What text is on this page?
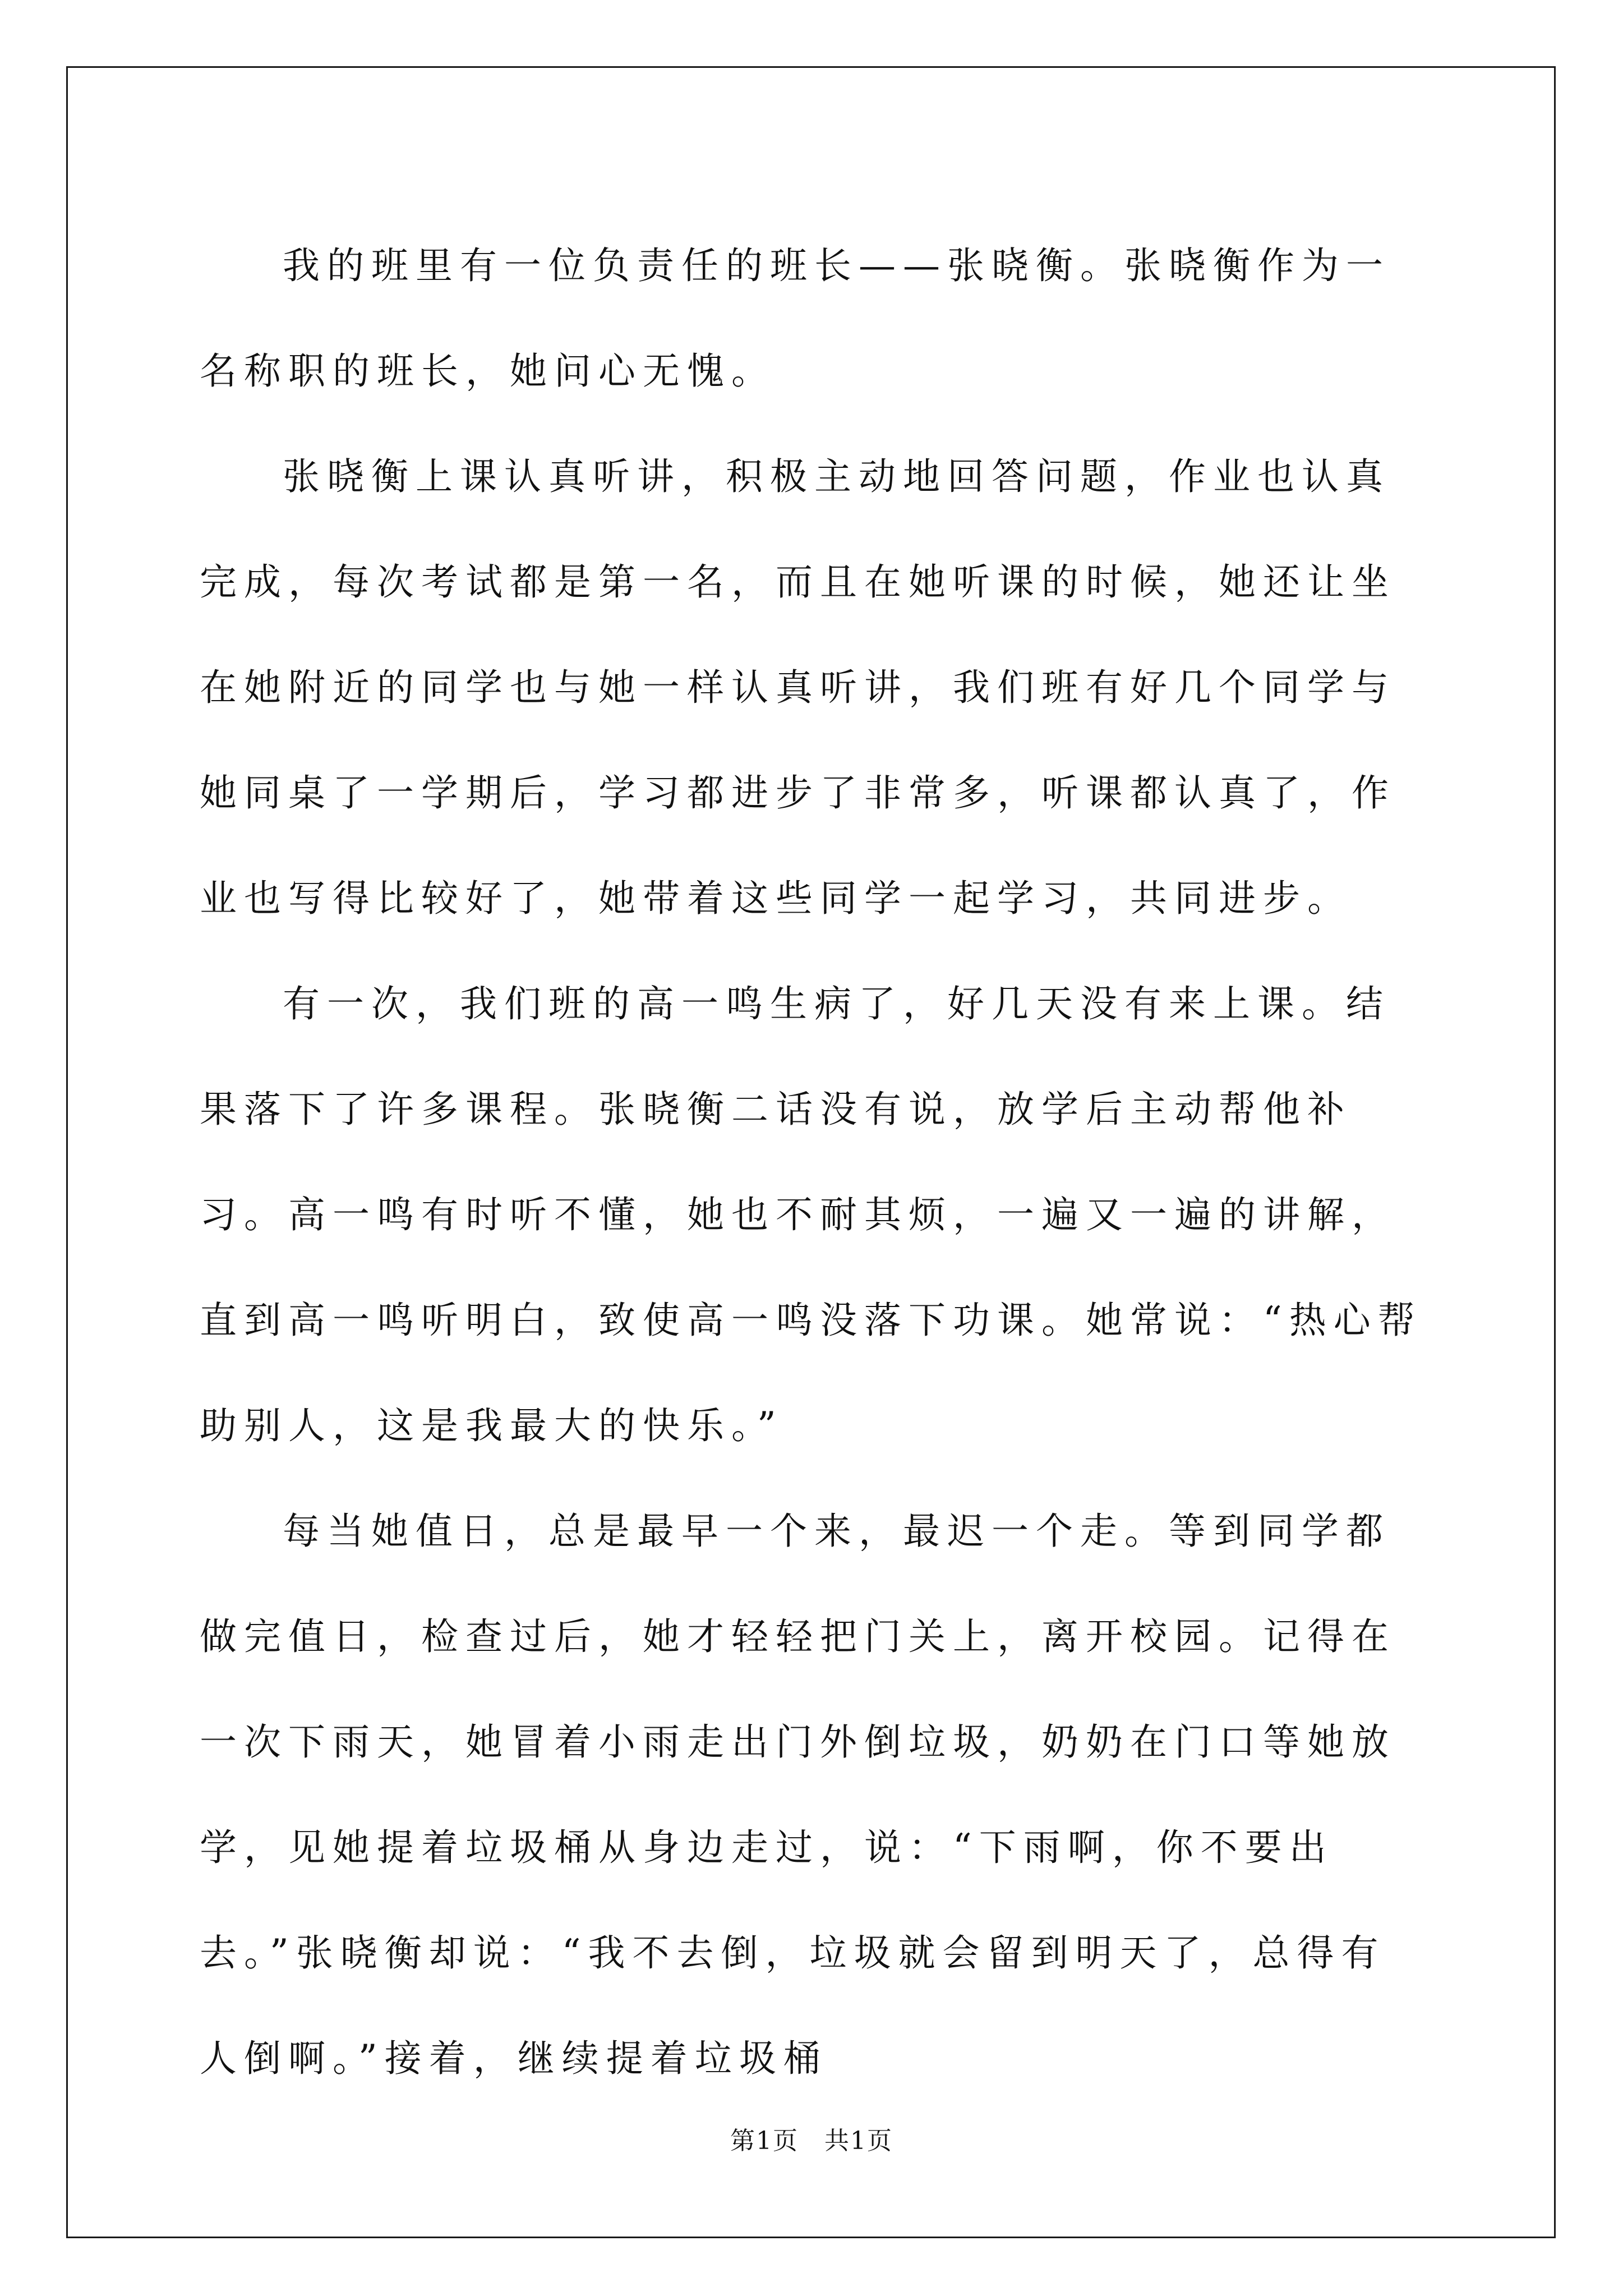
我的班里有一位负责任的班长——张晓衡。张晓衡作为一名称职的班长，她问心无愧。

张晓衡上课认真听讲，积极主动地回答问题，作业也认真完成，每次考试都是第一名，而且在她听课的时候，她还让坐在她附近的同学也与她一样认真听讲，我们班有好几个同学与她同桌了一学期后，学习都进步了非常多，听课都认真了，作业也写得比较好了，她带着这些同学一起学习，共同进步。

有一次，我们班的高一鸣生病了，好几天没有来上课。结果落下了许多课程。张晓衡二话没有说，放学后主动帮他补习。高一鸣有时听不懂，她也不耐其烦，一遍又一遍的讲解，直到高一鸣听明白，致使高一鸣没落下功课。她常说：“热心帮助别人，这是我最大的快乐。”

每当她值日，总是最早一个来，最迟一个走。等到同学都做完值日，检查过后，她才轻轻把门关上，离开校园。记得在一次下雨天，她冒着小雨走出门外倒垃圾，奶奶在门口等她放学，见她提着垃圾桶从身边走过，说：“下雨啊，你不要出去。”张晓衡却说：“我不去倒，垃圾就会留到明天了，总得有人倒啊。”接着，继续提着垃圾桶

第1页　共1页
